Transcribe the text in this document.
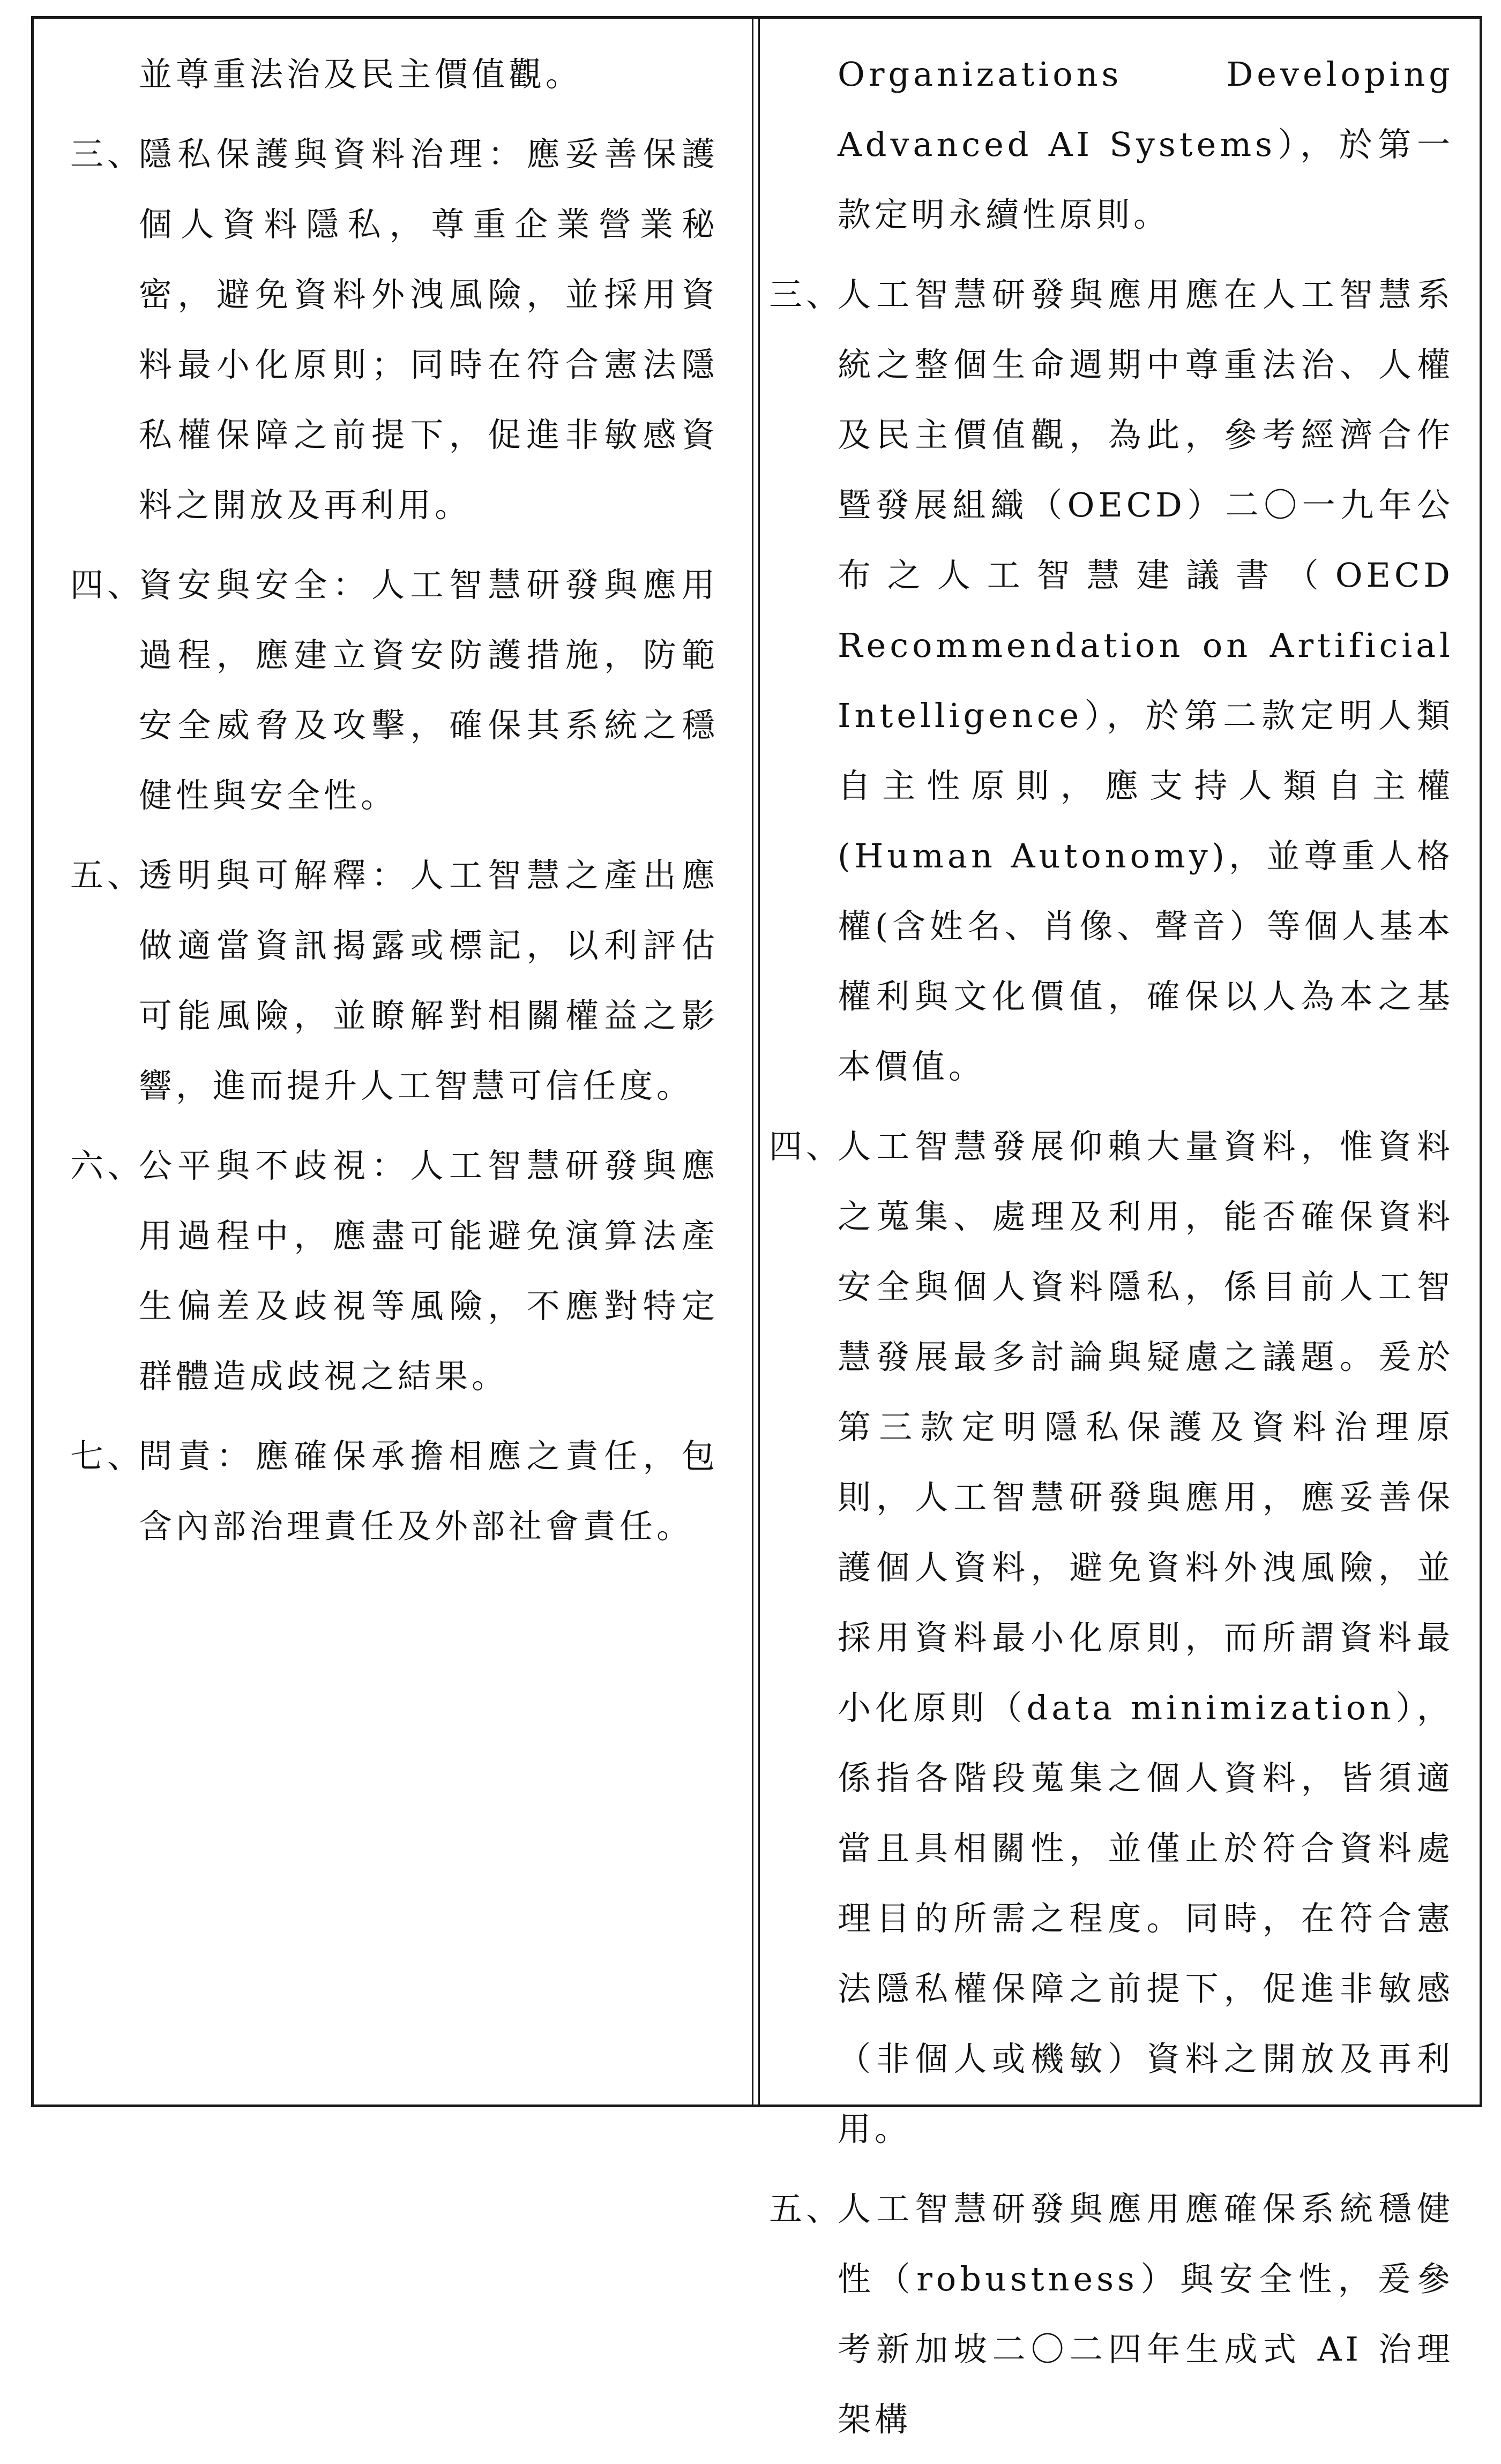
並尊重法治及民主價值觀。
三、
隱私保護與資料治理：應妥善保護個人資料隱私，尊重企業營業秘密，避免資料外洩風險，並採用資料最小化原則；同時在符合憲法隱私權保障之前提下，促進非敏感資料之開放及再利用。
四、
資安與安全：人工智慧研發與應用過程，應建立資安防護措施，防範安全威脅及攻擊，確保其系統之穩健性與安全性。
五、
透明與可解釋：人工智慧之產出應做適當資訊揭露或標記，以利評估可能風險，並瞭解對相關權益之影響，進而提升人工智慧可信任度。
六、
公平與不歧視：人工智慧研發與應用過程中，應盡可能避免演算法產生偏差及歧視等風險，不應對特定群體造成歧視之結果。
七、
問責：應確保承擔相應之責任，包含內部治理責任及外部社會責任。
Organizations Developing Advanced AI Systems），於第一款定明永續性原則。
三、
人工智慧研發與應用應在人工智慧系統之整個生命週期中尊重法治、人權及民主價值觀，為此，參考經濟合作暨發展組織（OECD）二〇一九年公布之人工智慧建議書（OECD Recommendation on Artificial Intelligence），於第二款定明人類自主性原則，應支持人類自主權(Human Autonomy)，並尊重人格權(含姓名、肖像、聲音）等個人基本權利與文化價值，確保以人為本之基本價值。
四、
人工智慧發展仰賴大量資料，惟資料之蒐集、處理及利用，能否確保資料安全與個人資料隱私，係目前人工智慧發展最多討論與疑慮之議題。爰於第三款定明隱私保護及資料治理原則，人工智慧研發與應用，應妥善保護個人資料，避免資料外洩風險，並採用資料最小化原則，而所謂資料最小化原則（data minimization），係指各階段蒐集之個人資料，皆須適當且具相關性，並僅止於符合資料處理目的所需之程度。同時，在符合憲法隱私權保障之前提下，促進非敏感（非個人或機敏）資料之開放及再利用。
五、
人工智慧研發與應用應確保系統穩健性（robustness）與安全性，爰參考新加坡二〇二四年生成式 AI 治理架構
